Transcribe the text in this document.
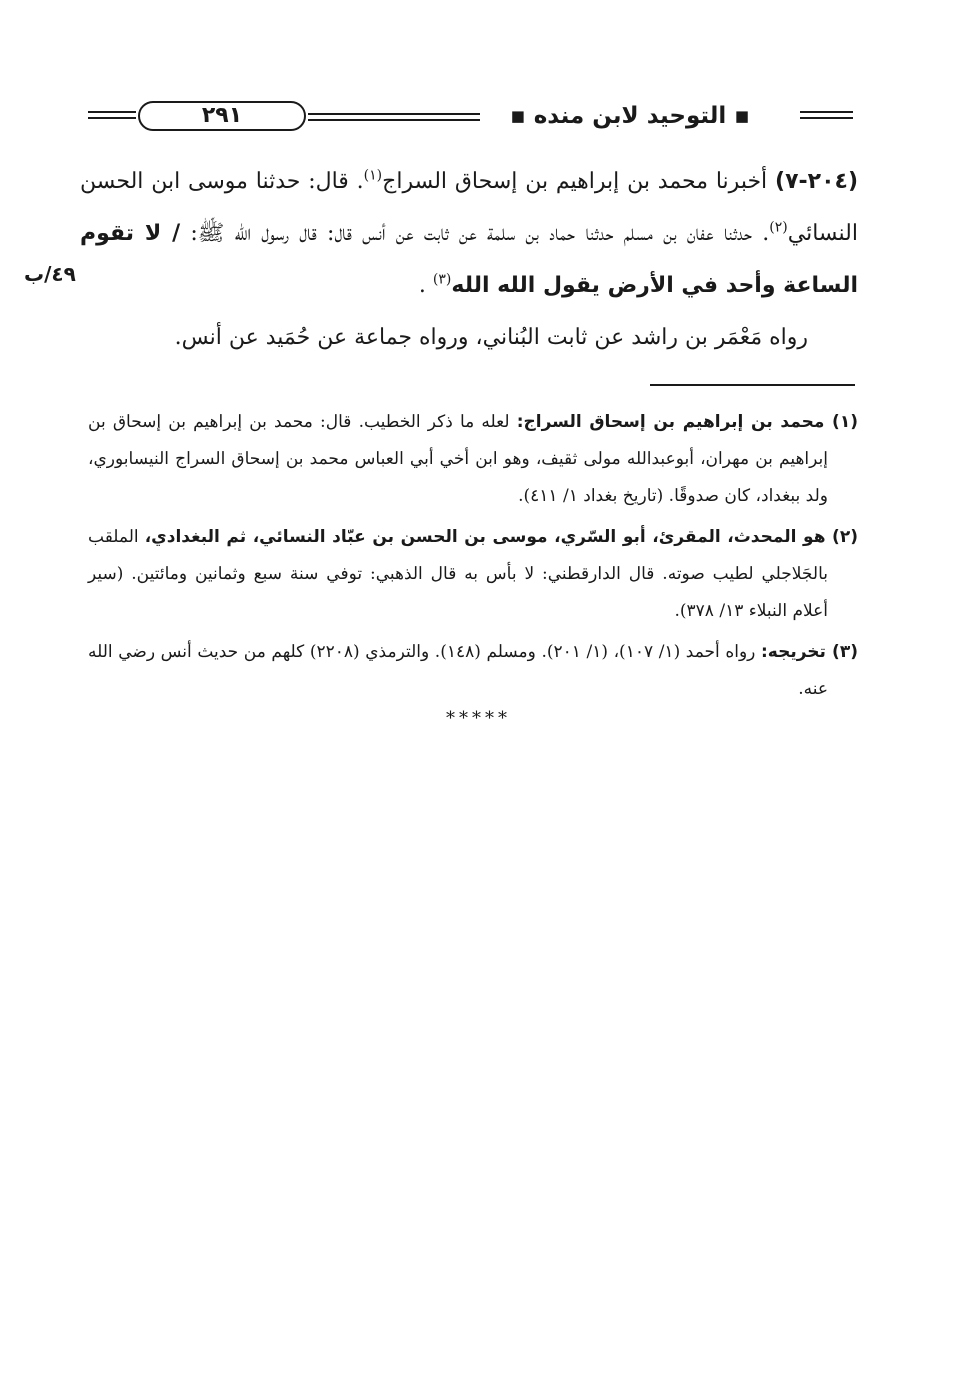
٢٩١	▪ التوحيد لابن منده ▪

(٢٠٤-٧) أخبرنا محمد بن إبراهيم بن إسحاق السراج$^{(١)}$. قال: حدثنا موسى ابن الحسن النسائي$^{(٢)}$. حدثنا عفان بن مسلم حدثنا حماد بن سلمة عن ثابت عن أنس قال: قال رسول الله ﷺ: / لا تقوم الساعة وأحد في الأرض يقول الله الله$^{(٣)}$ .

٤٩/ب
رواه مَعْمَر بن راشد عن ثابت البُناني، ورواه جماعة عن حُمَيد عن أنس.

(١) محمد بن إبراهيم بن إسحاق السراج: لعله ما ذكر الخطيب. قال: محمد بن إبراهيم بن إسحاق بن إبراهيم بن مهران، أبوعبدالله مولى ثقيف، وهو ابن أخي أبي العباس محمد بن إسحاق السراج النيسابوري، ولد ببغداد، كان صدوقًا. (تاريخ بغداد ١/ ٤١١).

(٢) هو المحدث، المقرئ، أبو السّري، موسى بن الحسن بن عبّاد النسائي، ثم البغدادي، الملقب بالجَلاجلي لطيب صوته. قال الدارقطني: لا بأس به قال الذهبي: توفي سنة سبع وثمانين ومائتين. (سير أعلام النبلاء ١٣/ ٣٧٨).

(٣) تخريجه: رواه أحمد (١/ ١٠٧)، (١/ ٢٠١). ومسلم (١٤٨). والترمذي (٢٢٠٨) كلهم من حديث أنس رضي الله عنه.

*****
